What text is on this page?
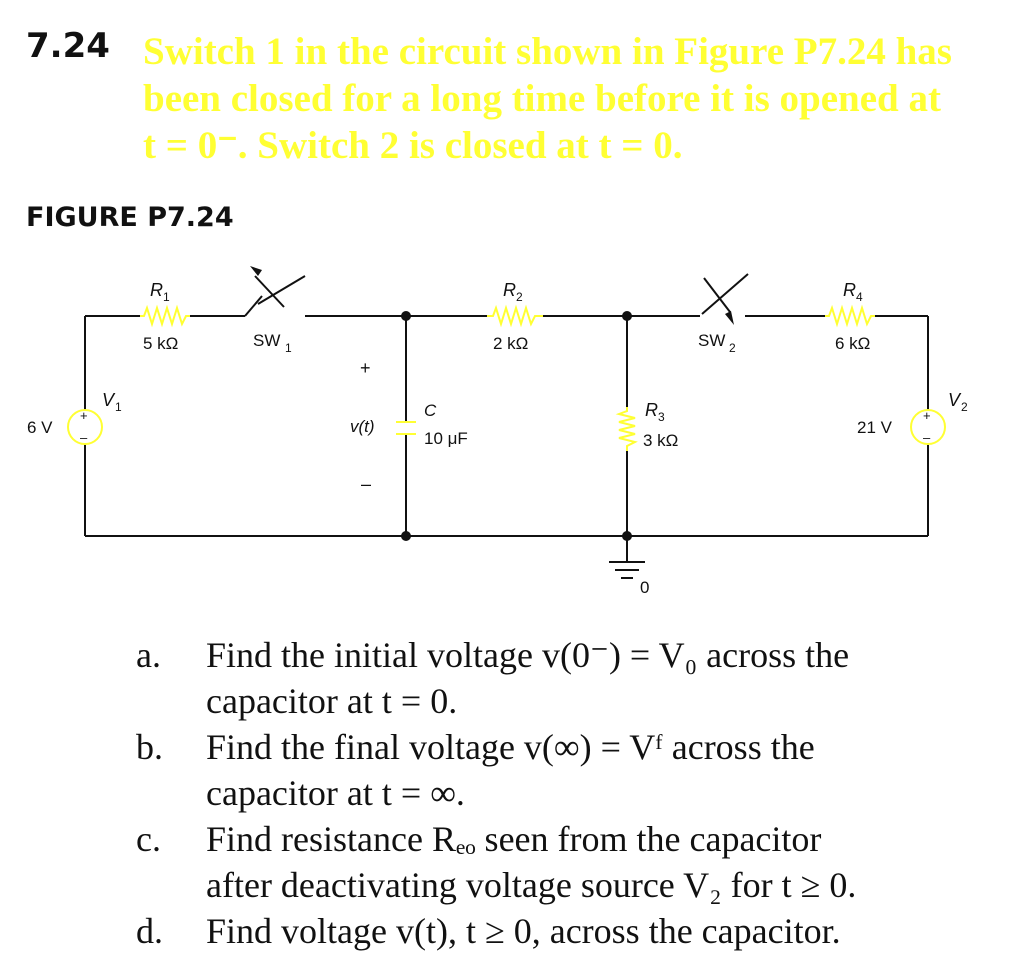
7.24 Switch 1 in the circuit shown in Figure P7.24 has
been closed for a long time before it is opened at
t = 0⁻. Switch 2 is closed at t = 0.
FIGURE P7.24
0
R 1
5 kΩ	SW 1
C
10 μF
+
v(t)
–
R 2
2 kΩ
R 3
3 kΩ
SW 2
R 4
6 kΩ
+
–
V 1
6 V
+
–
V 2
21 V
a.	Find the initial voltage v(0⁻) = V₀ across the
capacitor at t = 0.
b.	Find the final voltage v(∞) = Vᶠ across the
capacitor at t = ∞.
c.	Find resistance Rₑₒ seen from the capacitor
after deactivating voltage source V₂ for t ≥ 0.
d.	Find voltage v(t), t ≥ 0, across the capacitor.
